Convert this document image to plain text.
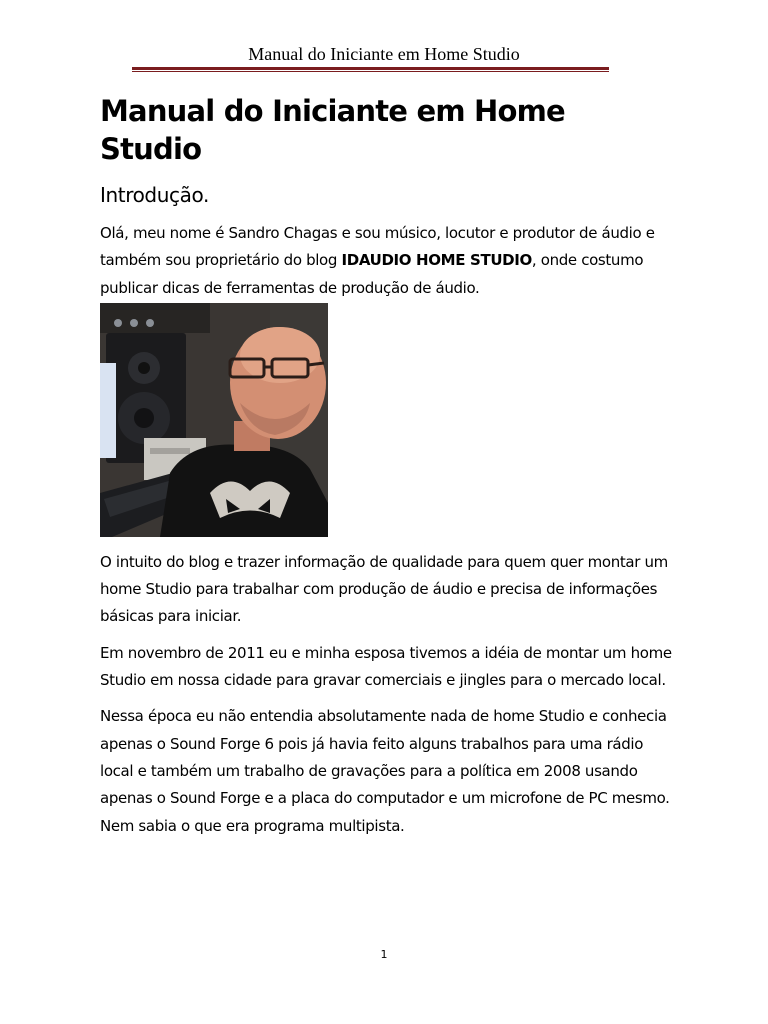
Manual do Iniciante em Home Studio
Manual do Iniciante em Home Studio
Introdução.

Olá, meu nome é Sandro Chagas e sou músico, locutor e produtor de áudio e também sou proprietário do blog IDAUDIO HOME STUDIO, onde costumo publicar dicas de ferramentas de produção de áudio.

O intuito do blog e trazer informação de qualidade para quem quer montar um home Studio para trabalhar com produção de áudio e precisa de informações básicas para iniciar.

Em novembro de 2011 eu e minha esposa tivemos a idéia de montar um home Studio em nossa cidade para gravar comerciais e jingles para o mercado local.

Nessa época eu não entendia absolutamente nada de home Studio e conhecia apenas o Sound Forge 6 pois já havia feito alguns trabalhos para uma rádio local e também um trabalho de gravações para a política em 2008 usando apenas o Sound Forge e a placa do computador e um microfone de PC mesmo. Nem sabia o que era programa multipista.

1
